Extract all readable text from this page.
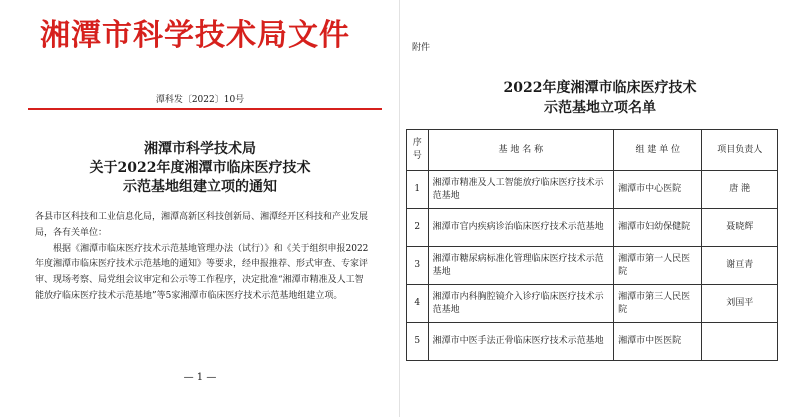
湘潭市科学技术局文件
潭科发〔2022〕10号
湘潭市科学技术局
关于2022年度湘潭市临床医疗技术
示范基地组建立项的通知

各县市区科技和工业信息化局，湘潭高新区科技创新局、湘潭经开区科技和产业发展局，各有关单位：

根据《湘潭市临床医疗技术示范基地管理办法（试行）》和《关于组织申报2022年度湘潭市临床医疗技术示范基地的通知》等要求，经申报推荐、形式审查、专家评审、现场考察、局党组会议审定和公示等工作程序，决定批准“湘潭市精准及人工智能放疗临床医疗技术示范基地”等5家湘潭市临床医疗技术示范基地组建立项。

— 1 —
附件
2022年度湘潭市临床医疗技术
示范基地立项名单
序号	基 地 名 称	组 建 单 位	项目负责人
1	湘潭市精准及人工智能放疗临床医疗技术示范基地	湘潭市中心医院	唐 滟
2	湘潭市官内疾病诊治临床医疗技术示范基地	湘潭市妇幼保健院	聂晓辉
3	湘潭市糖尿病标准化管理临床医疗技术示范基地	湘潭市第一人民医院	谢亘青
4	湘潭市内科胸腔镜介入诊疗临床医疗技术示范基地	湘潭市第三人民医院	刘国平
5	湘潭市中医手法正骨临床医疗技术示范基地	湘潭市中医医院	
